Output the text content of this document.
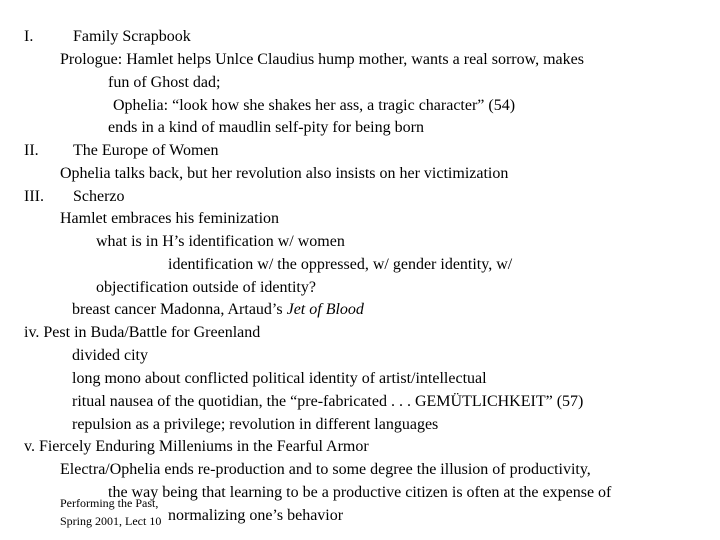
I. Family Scrapbook
Prologue: Hamlet helps Unlce Claudius hump mother, wants a real sorrow, makes
fun of Ghost dad;
Ophelia: “look how she shakes her ass, a tragic character” (54)
ends in a kind of maudlin self-pity for being born
II. The Europe of Women
Ophelia talks back, but her revolution also insists on her victimization
III. Scherzo
Hamlet embraces his feminization
what is in H’s identification w/ women
identification w/ the oppressed, w/ gender identity, w/
objectification outside of identity?
breast cancer Madonna, Artaud’s Jet of Blood
iv. Pest in Buda/Battle for Greenland
divided city
long mono about conflicted political identity of artist/intellectual
ritual nausea of the quotidian, the “pre-fabricated . . . GEMÜTLICHKEIT” (57)
repulsion as a privilege; revolution in different languages
v. Fiercely Enduring Milleniums in the Fearful Armor
Electra/Ophelia ends re-production and to some degree the illusion of productivity,
the way being that learning to be a productive citizen is often at the expense of
normalizing one’s behavior
Performing the Past,
Spring 2001, Lect 10
